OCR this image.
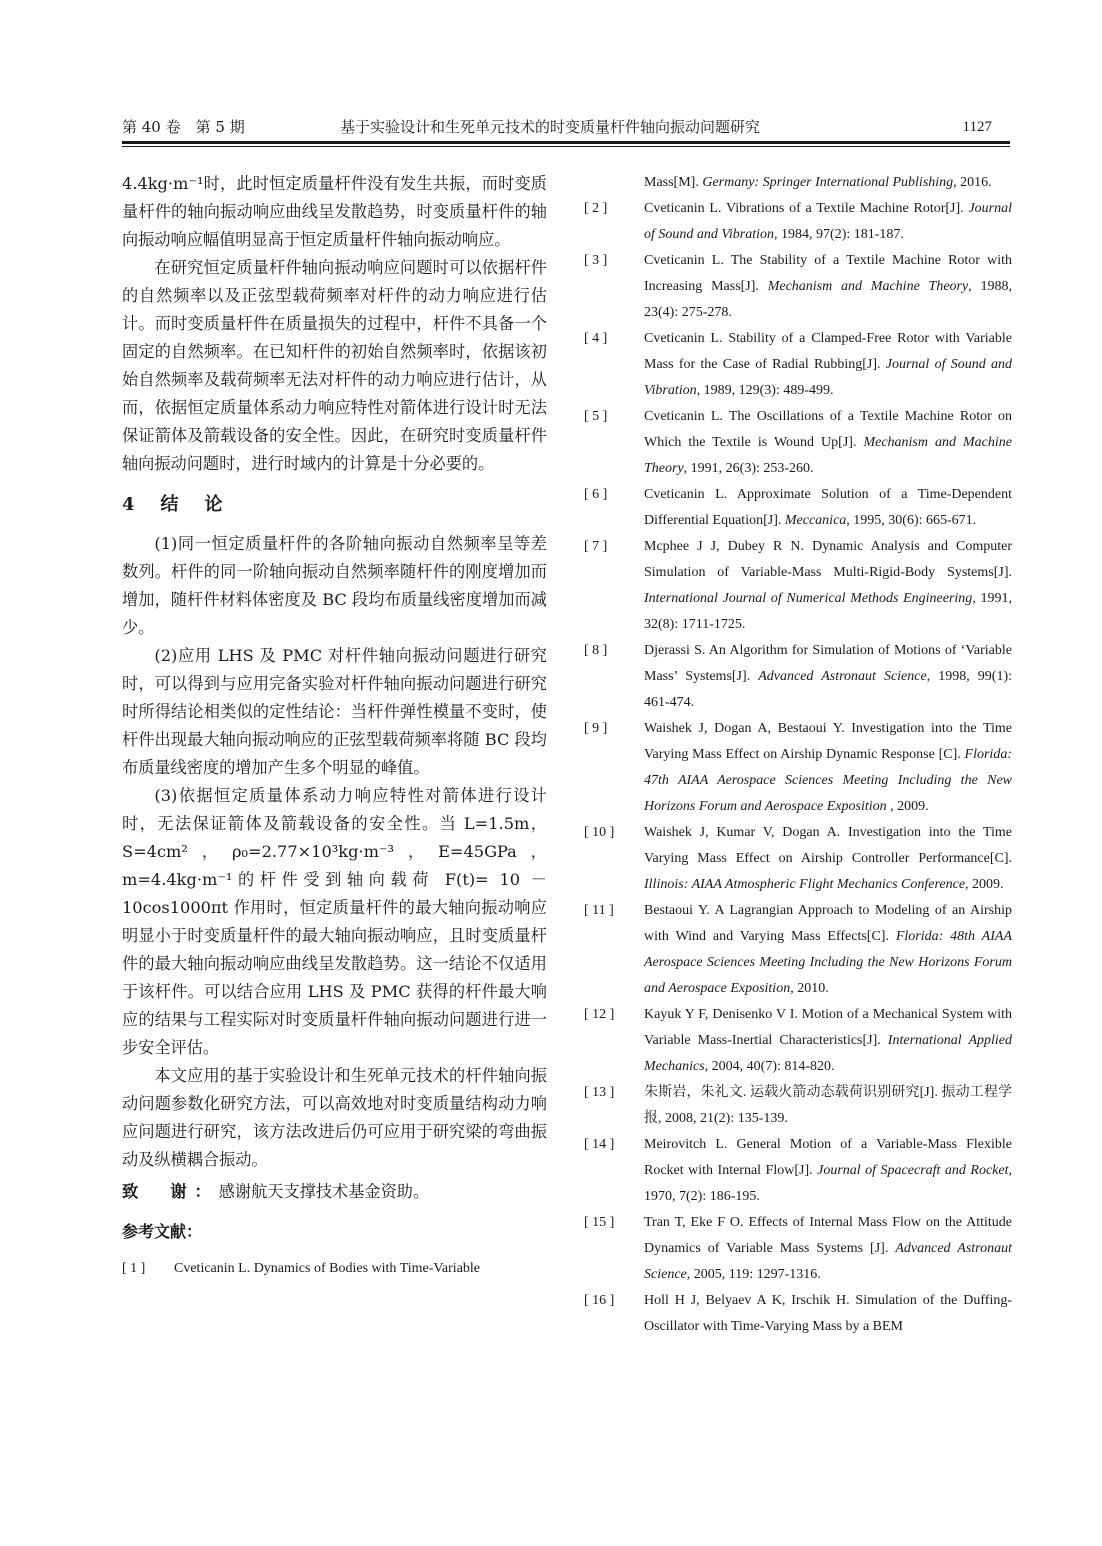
第 40 卷　第 5 期	基于实验设计和生死单元技术的时变质量杆件轴向振动问题研究	1127

4.4kg·m⁻¹时，此时恒定质量杆件没有发生共振，而时变质量杆件的轴向振动响应曲线呈发散趋势，时变质量杆件的轴向振动响应幅值明显高于恒定质量杆件轴向振动响应。

在研究恒定质量杆件轴向振动响应问题时可以依据杆件的自然频率以及正弦型载荷频率对杆件的动力响应进行估计。而时变质量杆件在质量损失的过程中，杆件不具备一个固定的自然频率。在已知杆件的初始自然频率时，依据该初始自然频率及载荷频率无法对杆件的动力响应进行估计，从而，依据恒定质量体系动力响应特性对箭体进行设计时无法保证箭体及箭载设备的安全性。因此，在研究时变质量杆件轴向振动问题时，进行时域内的计算是十分必要的。

4　结　论

(1)同一恒定质量杆件的各阶轴向振动自然频率呈等差数列。杆件的同一阶轴向振动自然频率随杆件的刚度增加而增加，随杆件材料体密度及 BC 段均布质量线密度增加而减少。

(2)应用 LHS 及 PMC 对杆件轴向振动问题进行研究时，可以得到与应用完备实验对杆件轴向振动问题进行研究时所得结论相类似的定性结论：当杆件弹性模量不变时，使杆件出现最大轴向振动响应的正弦型载荷频率将随 BC 段均布质量线密度的增加产生多个明显的峰值。

(3)依据恒定质量体系动力响应特性对箭体进行设计时，无法保证箭体及箭载设备的安全性。当 L=1.5m，S=4cm²，ρ₀=2.77×10³kg·m⁻³，E=45GPa，m=4.4kg·m⁻¹的杆件受到轴向载荷 F(t)= 10 － 10cos1000πt 作用时，恒定质量杆件的最大轴向振动响应明显小于时变质量杆件的最大轴向振动响应，且时变质量杆件的最大轴向振动响应曲线呈发散趋势。这一结论不仅适用于该杆件。可以结合应用 LHS 及 PMC 获得的杆件最大响应的结果与工程实际对时变质量杆件轴向振动问题进行进一步安全评估。

本文应用的基于实验设计和生死单元技术的杆件轴向振动问题参数化研究方法，可以高效地对时变质量结构动力响应问题进行研究，该方法改进后仍可应用于研究梁的弯曲振动及纵横耦合振动。

致　谢：感谢航天支撑技术基金资助。

参考文献：

[ 1 ]	Cveticanin L. Dynamics of Bodies with Time-Variable
Mass[M]. Germany: Springer International Publishing, 2016.
[ 2 ]	Cveticanin L. Vibrations of a Textile Machine Rotor[J]. Journal of Sound and Vibration, 1984, 97(2): 181-187.
[ 3 ]	Cveticanin L. The Stability of a Textile Machine Rotor with Increasing Mass[J]. Mechanism and Machine Theory, 1988, 23(4): 275-278.
[ 4 ]	Cveticanin L. Stability of a Clamped-Free Rotor with Variable Mass for the Case of Radial Rubbing[J]. Journal of Sound and Vibration, 1989, 129(3): 489-499.
[ 5 ]	Cveticanin L. The Oscillations of a Textile Machine Rotor on Which the Textile is Wound Up[J]. Mechanism and Machine Theory, 1991, 26(3): 253-260.
[ 6 ]	Cveticanin L. Approximate Solution of a Time-Dependent Differential Equation[J]. Meccanica, 1995, 30(6): 665-671.
[ 7 ]	Mcphee J J, Dubey R N. Dynamic Analysis and Computer Simulation of Variable-Mass Multi-Rigid-Body Systems[J]. International Journal of Numerical Methods Engineering, 1991, 32(8): 1711-1725.
[ 8 ]	Djerassi S. An Algorithm for Simulation of Motions of ‘Variable Mass’ Systems[J]. Advanced Astronaut Science, 1998, 99(1): 461-474.
[ 9 ]	Waishek J, Dogan A, Bestaoui Y. Investigation into the Time Varying Mass Effect on Airship Dynamic Response [C]. Florida: 47th AIAA Aerospace Sciences Meeting Including the New Horizons Forum and Aerospace Exposition , 2009.
[ 10 ]	Waishek J, Kumar V, Dogan A. Investigation into the Time Varying Mass Effect on Airship Controller Performance[C]. Illinois: AIAA Atmospheric Flight Mechanics Conference, 2009.
[ 11 ]	Bestaoui Y. A Lagrangian Approach to Modeling of an Airship with Wind and Varying Mass Effects[C]. Florida: 48th AIAA Aerospace Sciences Meeting Including the New Horizons Forum and Aerospace Exposition, 2010.
[ 12 ]	Kayuk Y F, Denisenko V I. Motion of a Mechanical System with Variable Mass-Inertial Characteristics[J]. International Applied Mechanics, 2004, 40(7): 814-820.
[ 13 ]	朱斯岩，朱礼文. 运载火箭动态载荷识别研究[J]. 振动工程学报, 2008, 21(2): 135-139.
[ 14 ]	Meirovitch L. General Motion of a Variable-Mass Flexible Rocket with Internal Flow[J]. Journal of Spacecraft and Rocket, 1970, 7(2): 186-195.
[ 15 ]	Tran T, Eke F O. Effects of Internal Mass Flow on the Attitude Dynamics of Variable Mass Systems [J]. Advanced Astronaut Science, 2005, 119: 1297-1316.
[ 16 ]	Holl H J, Belyaev A K, Irschik H. Simulation of the Duffing-Oscillator with Time-Varying Mass by a BEM
